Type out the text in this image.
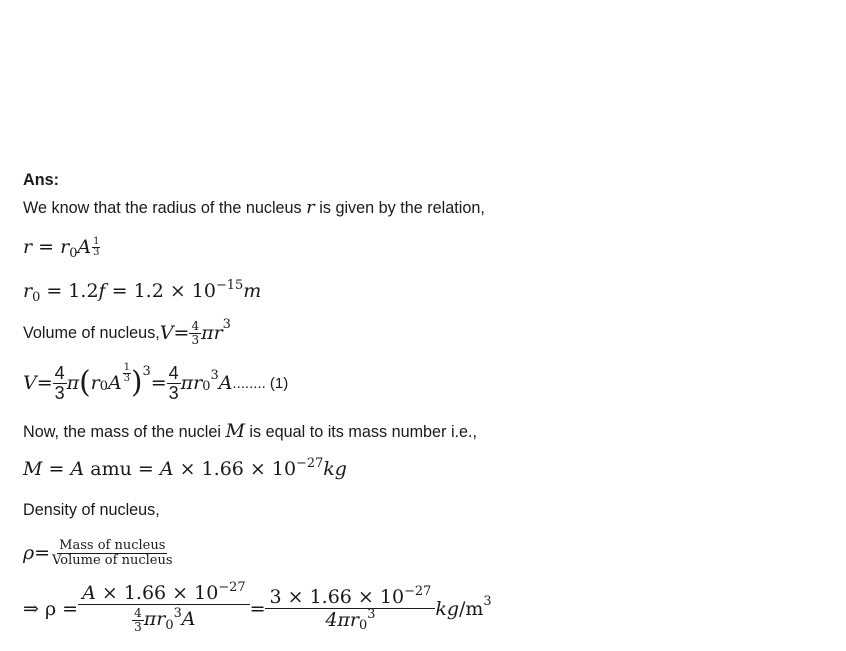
Ans:
We know that the radius of the nucleus r is given by the relation,
$r = r0A \frac{1}{3}$
$r0 = 1.2f = 1.2 \times 10^{-15}m$
Volume of nucleus, $V = \frac{4}{3}$ πr 3
$V = \frac{4}{3}$ π ( r 0 A
1
3 ) 3
= $\frac{4}{3}$ πr 0
3 A ........ (1)
Now, the mass of the nuclei M is equal to its mass number i.e.,
M = A amu = $A \times 1.66 \times 10^{-27}kg$
Density of nucleus,
$\rho = \frac{\text{Mass of nucleus}}{\text{Volume of nucleus}}$
⇒ $\rho = \frac{A \times 1.66 \times 10^{-27}}{\frac{4}{3} \pi r0^3A} = \frac{3 \times 1.66 \times 10^{-27}}{4\pi r0^3}$ kg /m 3
